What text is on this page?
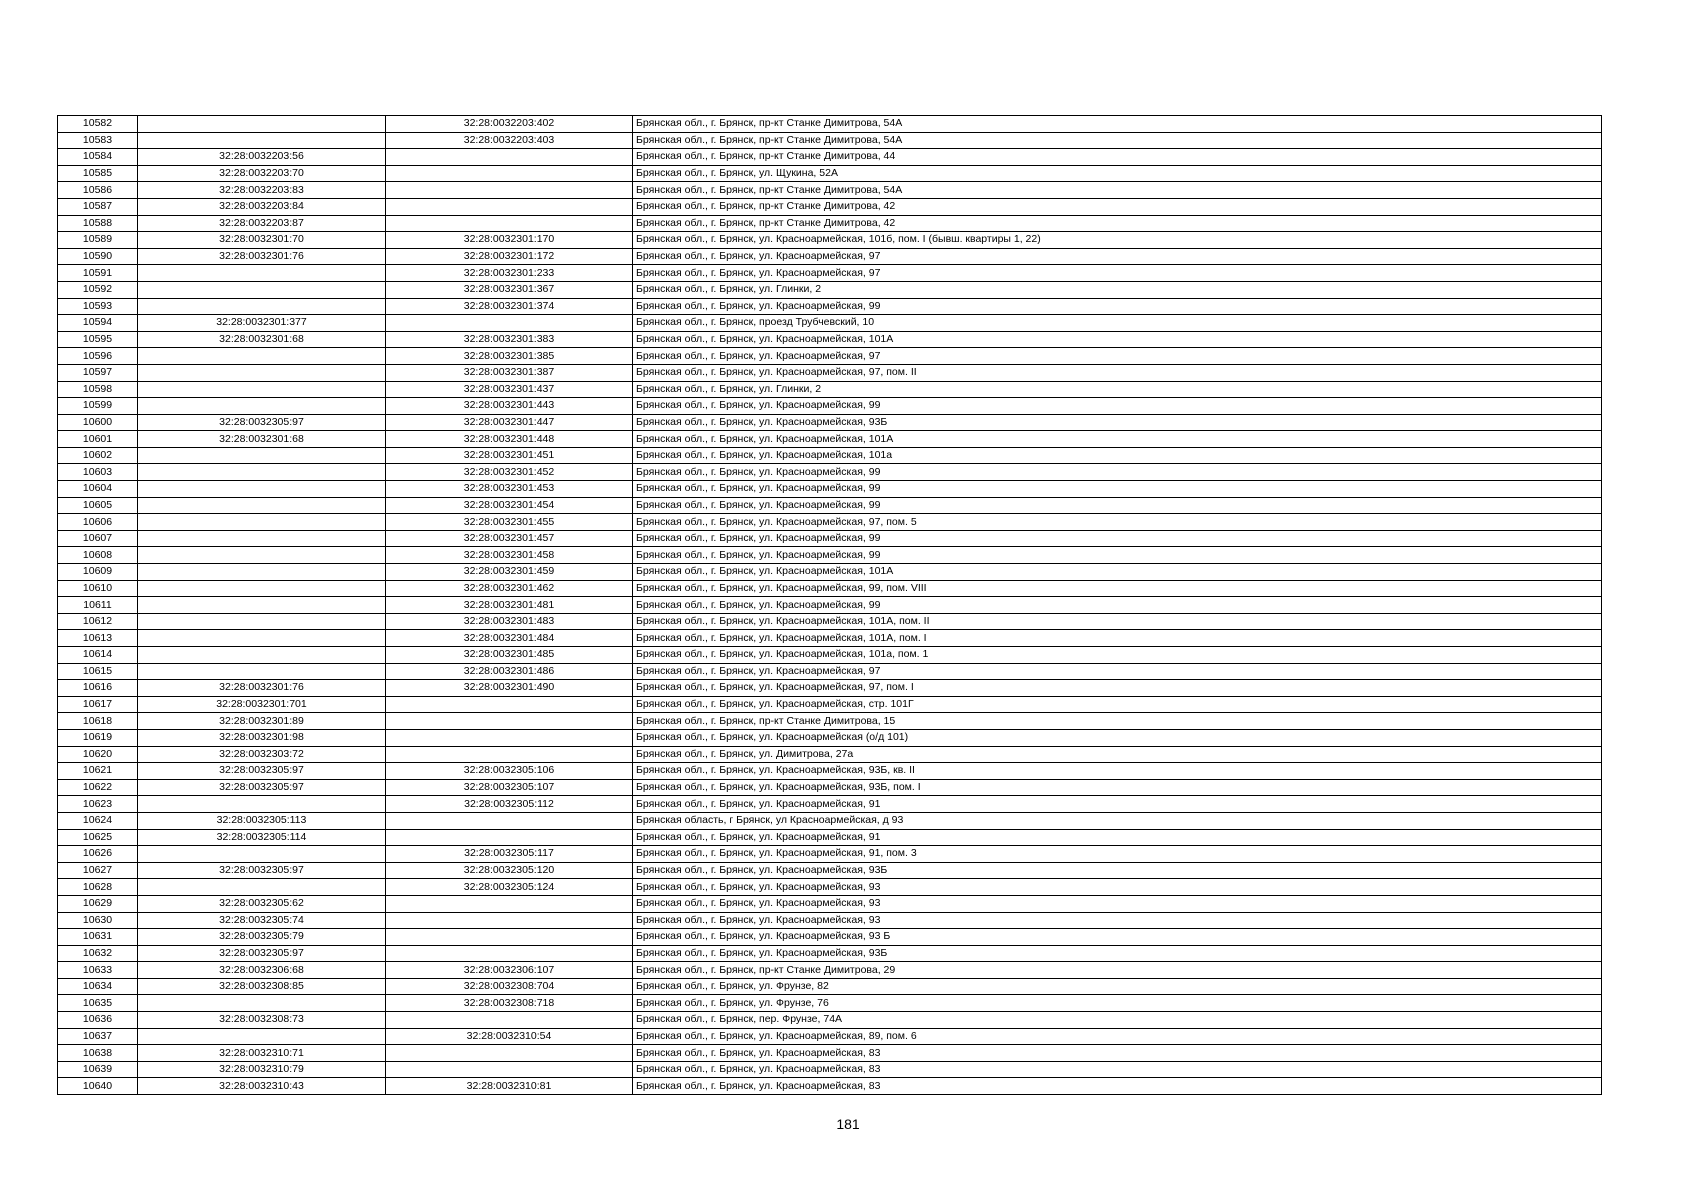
10582		32:28:0032203:402	Брянская обл., г. Брянск, пр-кт Станке Димитрова, 54А
10583		32:28:0032203:403	Брянская обл., г. Брянск, пр-кт Станке Димитрова, 54А
10584	32:28:0032203:56		Брянская обл., г. Брянск, пр-кт Станке Димитрова, 44
10585	32:28:0032203:70		Брянская обл., г. Брянск, ул. Щукина, 52А
10586	32:28:0032203:83		Брянская обл., г. Брянск, пр-кт Станке Димитрова, 54А
10587	32:28:0032203:84		Брянская обл., г. Брянск, пр-кт Станке Димитрова, 42
10588	32:28:0032203:87		Брянская обл., г. Брянск, пр-кт Станке Димитрова, 42
10589	32:28:0032301:70	32:28:0032301:170	Брянская обл., г. Брянск, ул. Красноармейская, 101б, пом. I (бывш. квартиры 1, 22)
10590	32:28:0032301:76	32:28:0032301:172	Брянская обл., г. Брянск, ул. Красноармейская, 97
10591		32:28:0032301:233	Брянская обл., г. Брянск, ул. Красноармейская, 97
10592		32:28:0032301:367	Брянская обл., г. Брянск, ул. Глинки, 2
10593		32:28:0032301:374	Брянская обл., г. Брянск, ул. Красноармейская, 99
10594	32:28:0032301:377		Брянская обл., г. Брянск, проезд Трубчевский, 10
10595	32:28:0032301:68	32:28:0032301:383	Брянская обл., г. Брянск, ул. Красноармейская, 101А
10596		32:28:0032301:385	Брянская обл., г. Брянск, ул. Красноармейская, 97
10597		32:28:0032301:387	Брянская обл., г. Брянск, ул. Красноармейская, 97, пом. II
10598		32:28:0032301:437	Брянская обл., г. Брянск, ул. Глинки, 2
10599		32:28:0032301:443	Брянская обл., г. Брянск, ул. Красноармейская, 99
10600	32:28:0032305:97	32:28:0032301:447	Брянская обл., г. Брянск, ул. Красноармейская, 93Б
10601	32:28:0032301:68	32:28:0032301:448	Брянская обл., г. Брянск, ул. Красноармейская, 101А
10602		32:28:0032301:451	Брянская обл., г. Брянск, ул. Красноармейская, 101а
10603		32:28:0032301:452	Брянская обл., г. Брянск, ул. Красноармейская, 99
10604		32:28:0032301:453	Брянская обл., г. Брянск, ул. Красноармейская, 99
10605		32:28:0032301:454	Брянская обл., г. Брянск, ул. Красноармейская, 99
10606		32:28:0032301:455	Брянская обл., г. Брянск, ул. Красноармейская, 97, пом. 5
10607		32:28:0032301:457	Брянская обл., г. Брянск, ул. Красноармейская, 99
10608		32:28:0032301:458	Брянская обл., г. Брянск, ул. Красноармейская, 99
10609		32:28:0032301:459	Брянская обл., г. Брянск, ул. Красноармейская, 101А
10610		32:28:0032301:462	Брянская обл., г. Брянск, ул. Красноармейская, 99, пом. VIII
10611		32:28:0032301:481	Брянская обл., г. Брянск, ул. Красноармейская, 99
10612		32:28:0032301:483	Брянская обл., г. Брянск, ул. Красноармейская, 101А, пом. II
10613		32:28:0032301:484	Брянская обл., г. Брянск, ул. Красноармейская, 101А, пом. I
10614		32:28:0032301:485	Брянская обл., г. Брянск, ул. Красноармейская, 101а, пом. 1
10615		32:28:0032301:486	Брянская обл., г. Брянск, ул. Красноармейская, 97
10616	32:28:0032301:76	32:28:0032301:490	Брянская обл., г. Брянск, ул. Красноармейская, 97, пом. I
10617	32:28:0032301:701		Брянская обл., г. Брянск, ул. Красноармейская, стр. 101Г
10618	32:28:0032301:89		Брянская обл., г. Брянск, пр-кт Станке Димитрова, 15
10619	32:28:0032301:98		Брянская обл., г. Брянск, ул. Красноармейская (о/д 101)
10620	32:28:0032303:72		Брянская обл., г. Брянск, ул. Димитрова, 27а
10621	32:28:0032305:97	32:28:0032305:106	Брянская обл., г. Брянск, ул. Красноармейская, 93Б, кв. II
10622	32:28:0032305:97	32:28:0032305:107	Брянская обл., г. Брянск, ул. Красноармейская, 93Б, пом. I
10623		32:28:0032305:112	Брянская обл., г. Брянск, ул. Красноармейская, 91
10624	32:28:0032305:113		Брянская область, г Брянск, ул Красноармейская, д 93
10625	32:28:0032305:114		Брянская обл., г. Брянск, ул. Красноармейская, 91
10626		32:28:0032305:117	Брянская обл., г. Брянск, ул. Красноармейская, 91, пом. 3
10627	32:28:0032305:97	32:28:0032305:120	Брянская обл., г. Брянск, ул. Красноармейская, 93Б
10628		32:28:0032305:124	Брянская обл., г. Брянск, ул. Красноармейская, 93
10629	32:28:0032305:62		Брянская обл., г. Брянск, ул. Красноармейская, 93
10630	32:28:0032305:74		Брянская обл., г. Брянск, ул. Красноармейская, 93
10631	32:28:0032305:79		Брянская обл., г. Брянск, ул. Красноармейская, 93 Б
10632	32:28:0032305:97		Брянская обл., г. Брянск, ул. Красноармейская, 93Б
10633	32:28:0032306:68	32:28:0032306:107	Брянская обл., г. Брянск, пр-кт Станке Димитрова, 29
10634	32:28:0032308:85	32:28:0032308:704	Брянская обл., г. Брянск, ул. Фрунзе, 82
10635		32:28:0032308:718	Брянская обл., г. Брянск, ул. Фрунзе, 76
10636	32:28:0032308:73		Брянская обл., г. Брянск, пер. Фрунзе, 74А
10637		32:28:0032310:54	Брянская обл., г. Брянск, ул. Красноармейская, 89, пом. 6
10638	32:28:0032310:71		Брянская обл., г. Брянск, ул. Красноармейская, 83
10639	32:28:0032310:79		Брянская обл., г. Брянск, ул. Красноармейская, 83
10640	32:28:0032310:43	32:28:0032310:81	Брянская обл., г. Брянск, ул. Красноармейская, 83
181
